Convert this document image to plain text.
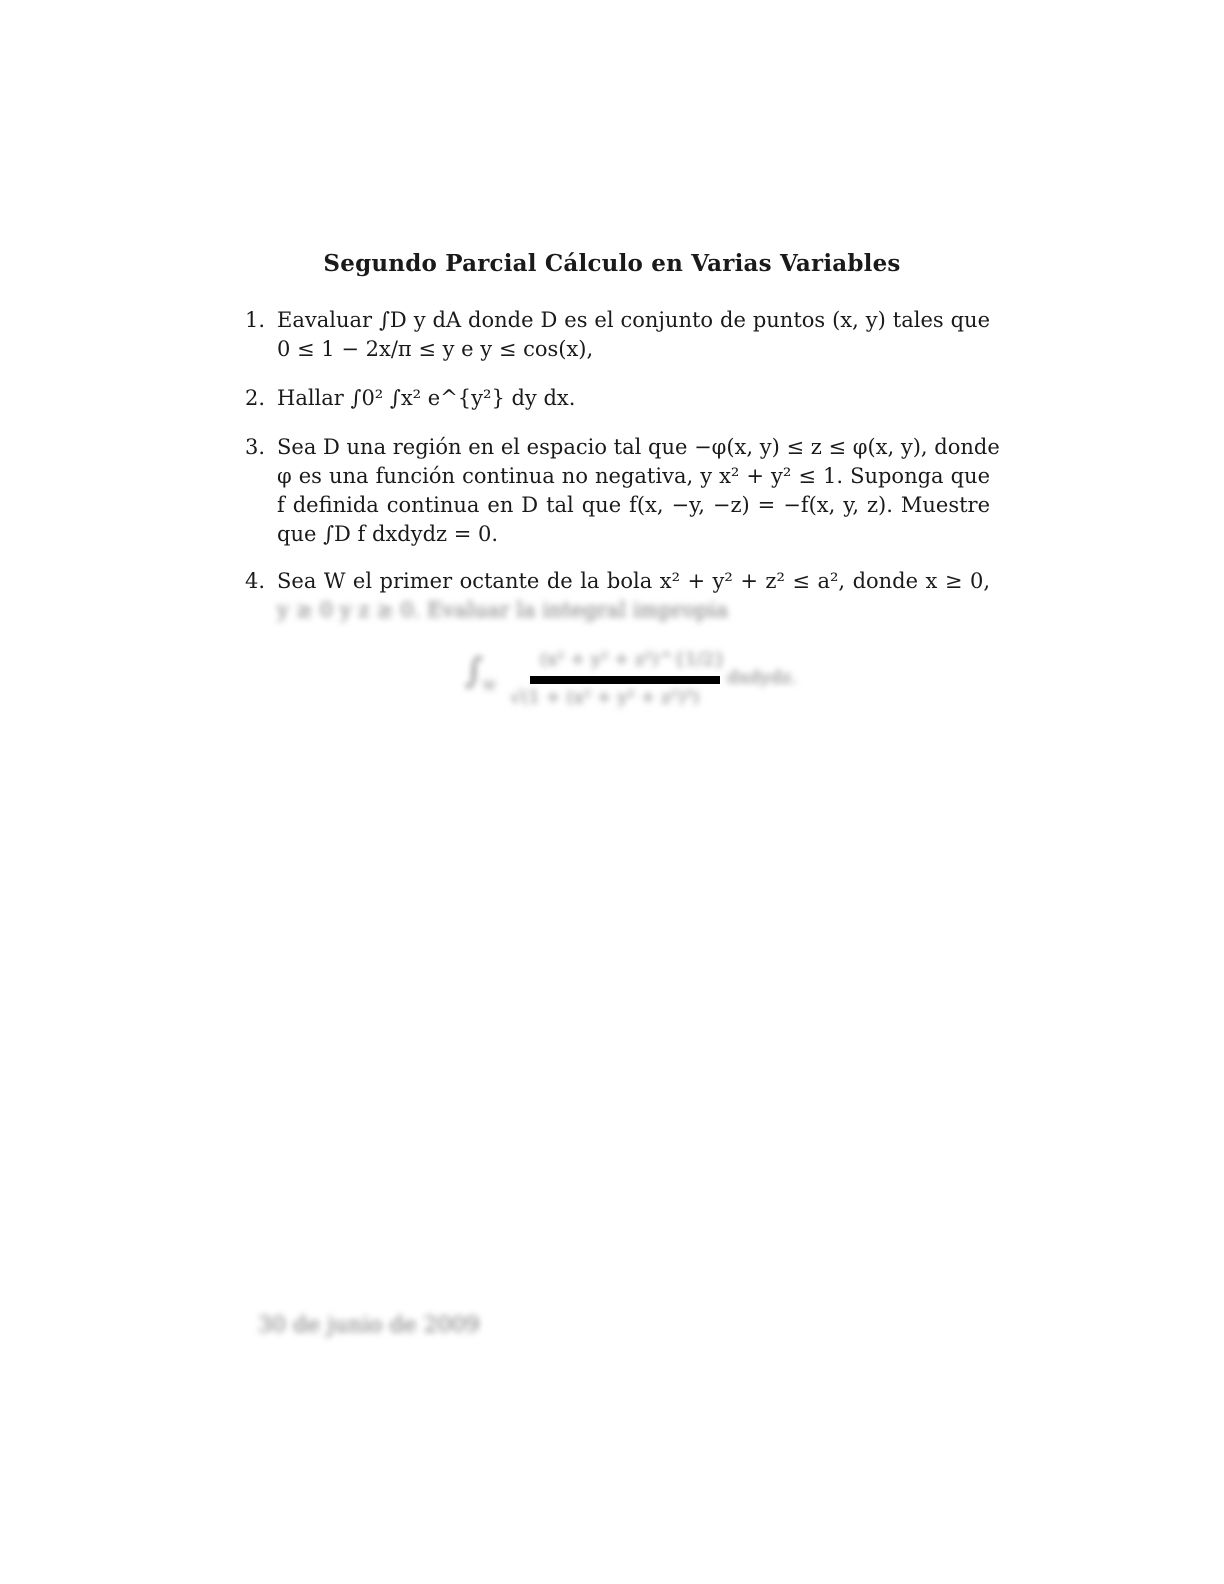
Segundo Parcial Cálculo en Varias Variables
1. Eavaluar ∫D y dA donde D es el conjunto de puntos (x, y) tales que
0 ≤ 1 − 2x/π ≤ y e y ≤ cos(x),
2. Hallar ∫0² ∫x² e^{y²} dy dx.
3. Sea D una región en el espacio tal que −φ(x, y) ≤ z ≤ φ(x, y), donde
φ es una función continua no negativa, y x² + y² ≤ 1. Suponga que
f definida continua en D tal que f(x, −y, −z) = −f(x, y, z). Muestre
que ∫D f dxdydz = 0.
4. Sea W el primer octante de la bola x² + y² + z² ≤ a², donde x ≥ 0,
y ≥ 0 y z ≥ 0. Evaluar la integral impropia
$\int_W$
(x² + y² + z²)^{1/2}
√(1 + (x² + y² + z²)³)
dxdydz.
30 de junio de 2009
